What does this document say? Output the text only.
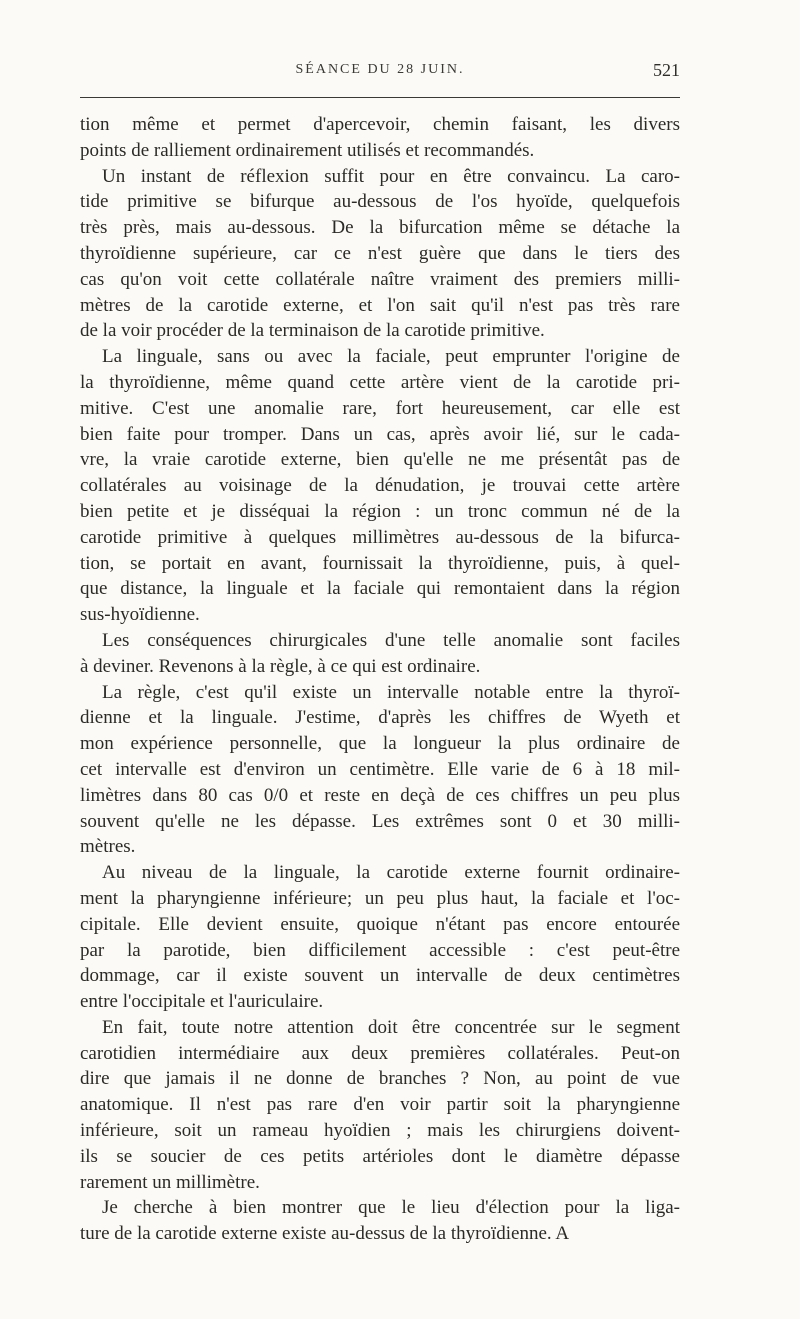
SÉANCE DU 28 JUIN.	521
tion même et permet d'apercevoir, chemin faisant, les divers
points de ralliement ordinairement utilisés et recommandés.
Un instant de réflexion suffit pour en être convaincu. La caro-
tide primitive se bifurque au-dessous de l'os hyoïde, quelquefois
très près, mais au-dessous. De la bifurcation même se détache la
thyroïdienne supérieure, car ce n'est guère que dans le tiers des
cas qu'on voit cette collatérale naître vraiment des premiers milli-
mètres de la carotide externe, et l'on sait qu'il n'est pas très rare
de la voir procéder de la terminaison de la carotide primitive.
La linguale, sans ou avec la faciale, peut emprunter l'origine de
la thyroïdienne, même quand cette artère vient de la carotide pri-
mitive. C'est une anomalie rare, fort heureusement, car elle est
bien faite pour tromper. Dans un cas, après avoir lié, sur le cada-
vre, la vraie carotide externe, bien qu'elle ne me présentât pas de
collatérales au voisinage de la dénudation, je trouvai cette artère
bien petite et je disséquai la région : un tronc commun né de la
carotide primitive à quelques millimètres au-dessous de la bifurca-
tion, se portait en avant, fournissait la thyroïdienne, puis, à quel-
que distance, la linguale et la faciale qui remontaient dans la région
sus-hyoïdienne.
Les conséquences chirurgicales d'une telle anomalie sont faciles
à deviner. Revenons à la règle, à ce qui est ordinaire.
La règle, c'est qu'il existe un intervalle notable entre la thyroï-
dienne et la linguale. J'estime, d'après les chiffres de Wyeth et
mon expérience personnelle, que la longueur la plus ordinaire de
cet intervalle est d'environ un centimètre. Elle varie de 6 à 18 mil-
limètres dans 80 cas 0/0 et reste en deçà de ces chiffres un peu plus
souvent qu'elle ne les dépasse. Les extrêmes sont 0 et 30 milli-
mètres.
Au niveau de la linguale, la carotide externe fournit ordinaire-
ment la pharyngienne inférieure; un peu plus haut, la faciale et l'oc-
cipitale. Elle devient ensuite, quoique n'étant pas encore entourée
par la parotide, bien difficilement accessible : c'est peut-être
dommage, car il existe souvent un intervalle de deux centimètres
entre l'occipitale et l'auriculaire.
En fait, toute notre attention doit être concentrée sur le segment
carotidien intermédiaire aux deux premières collatérales. Peut-on
dire que jamais il ne donne de branches ? Non, au point de vue
anatomique. Il n'est pas rare d'en voir partir soit la pharyngienne
inférieure, soit un rameau hyoïdien ; mais les chirurgiens doivent-
ils se soucier de ces petits artérioles dont le diamètre dépasse
rarement un millimètre.
Je cherche à bien montrer que le lieu d'élection pour la liga-
ture de la carotide externe existe au-dessus de la thyroïdienne. A
